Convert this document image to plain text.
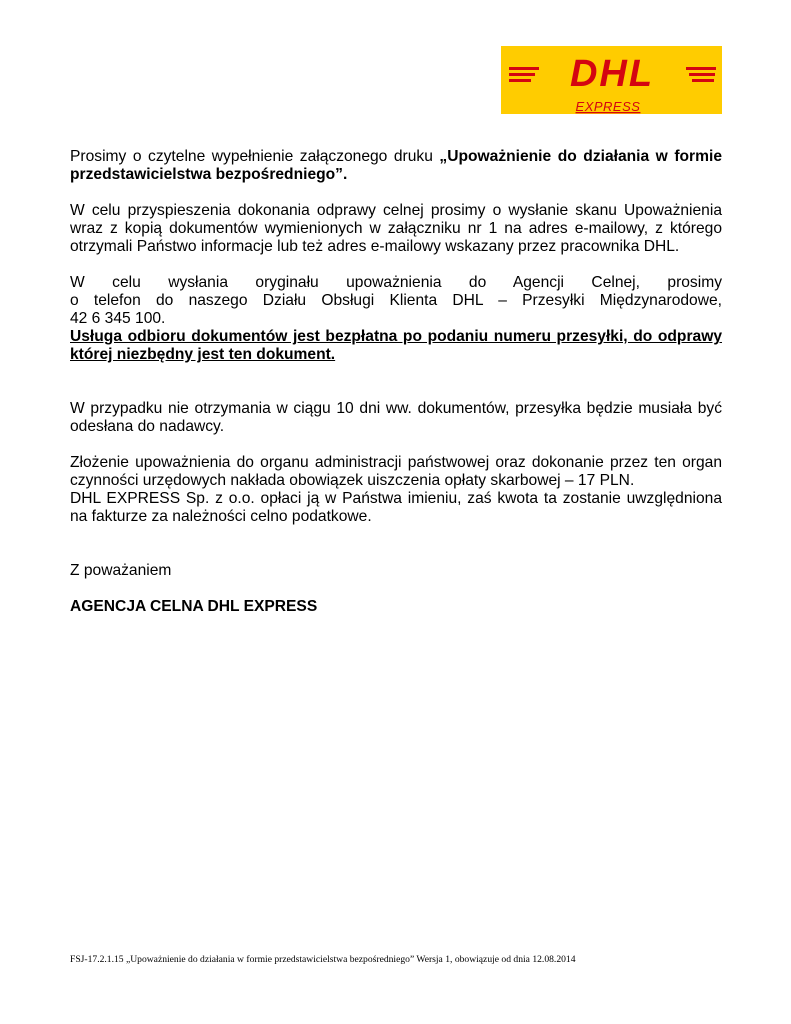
DHL
EXPRESS

Prosimy o czytelne wypełnienie załączonego druku „Upoważnienie do działania w formie przedstawicielstwa bezpośredniego”.

W celu przyspieszenia dokonania odprawy celnej prosimy o wysłanie skanu Upoważnienia wraz z kopią dokumentów wymienionych w załączniku nr 1 na adres e-mailowy, z którego otrzymali Państwo informacje lub też adres e-mailowy wskazany przez pracownika DHL.

W celu wysłania oryginału upoważnienia do Agencji Celnej, prosimy
o telefon do naszego Działu Obsługi Klienta DHL – Przesyłki Międzynarodowe,
42 6 345 100.
Usługa odbioru dokumentów jest bezpłatna po podaniu numeru przesyłki, do odprawy której niezbędny jest ten dokument.

W przypadku nie otrzymania w ciągu 10 dni ww. dokumentów, przesyłka będzie musiała być odesłana do nadawcy.

Złożenie upoważnienia do organu administracji państwowej oraz dokonanie przez ten organ czynności urzędowych nakłada obowiązek uiszczenia opłaty skarbowej – 17 PLN.

DHL EXPRESS Sp. z o.o. opłaci ją w Państwa imieniu, zaś kwota ta zostanie uwzględniona na fakturze za należności celno podatkowe.

Z poważaniem

AGENCJA CELNA DHL EXPRESS

FSJ-17.2.1.15 „Upoważnienie do działania w formie przedstawicielstwa bezpośredniego” Wersja 1, obowiązuje od dnia 12.08.2014
